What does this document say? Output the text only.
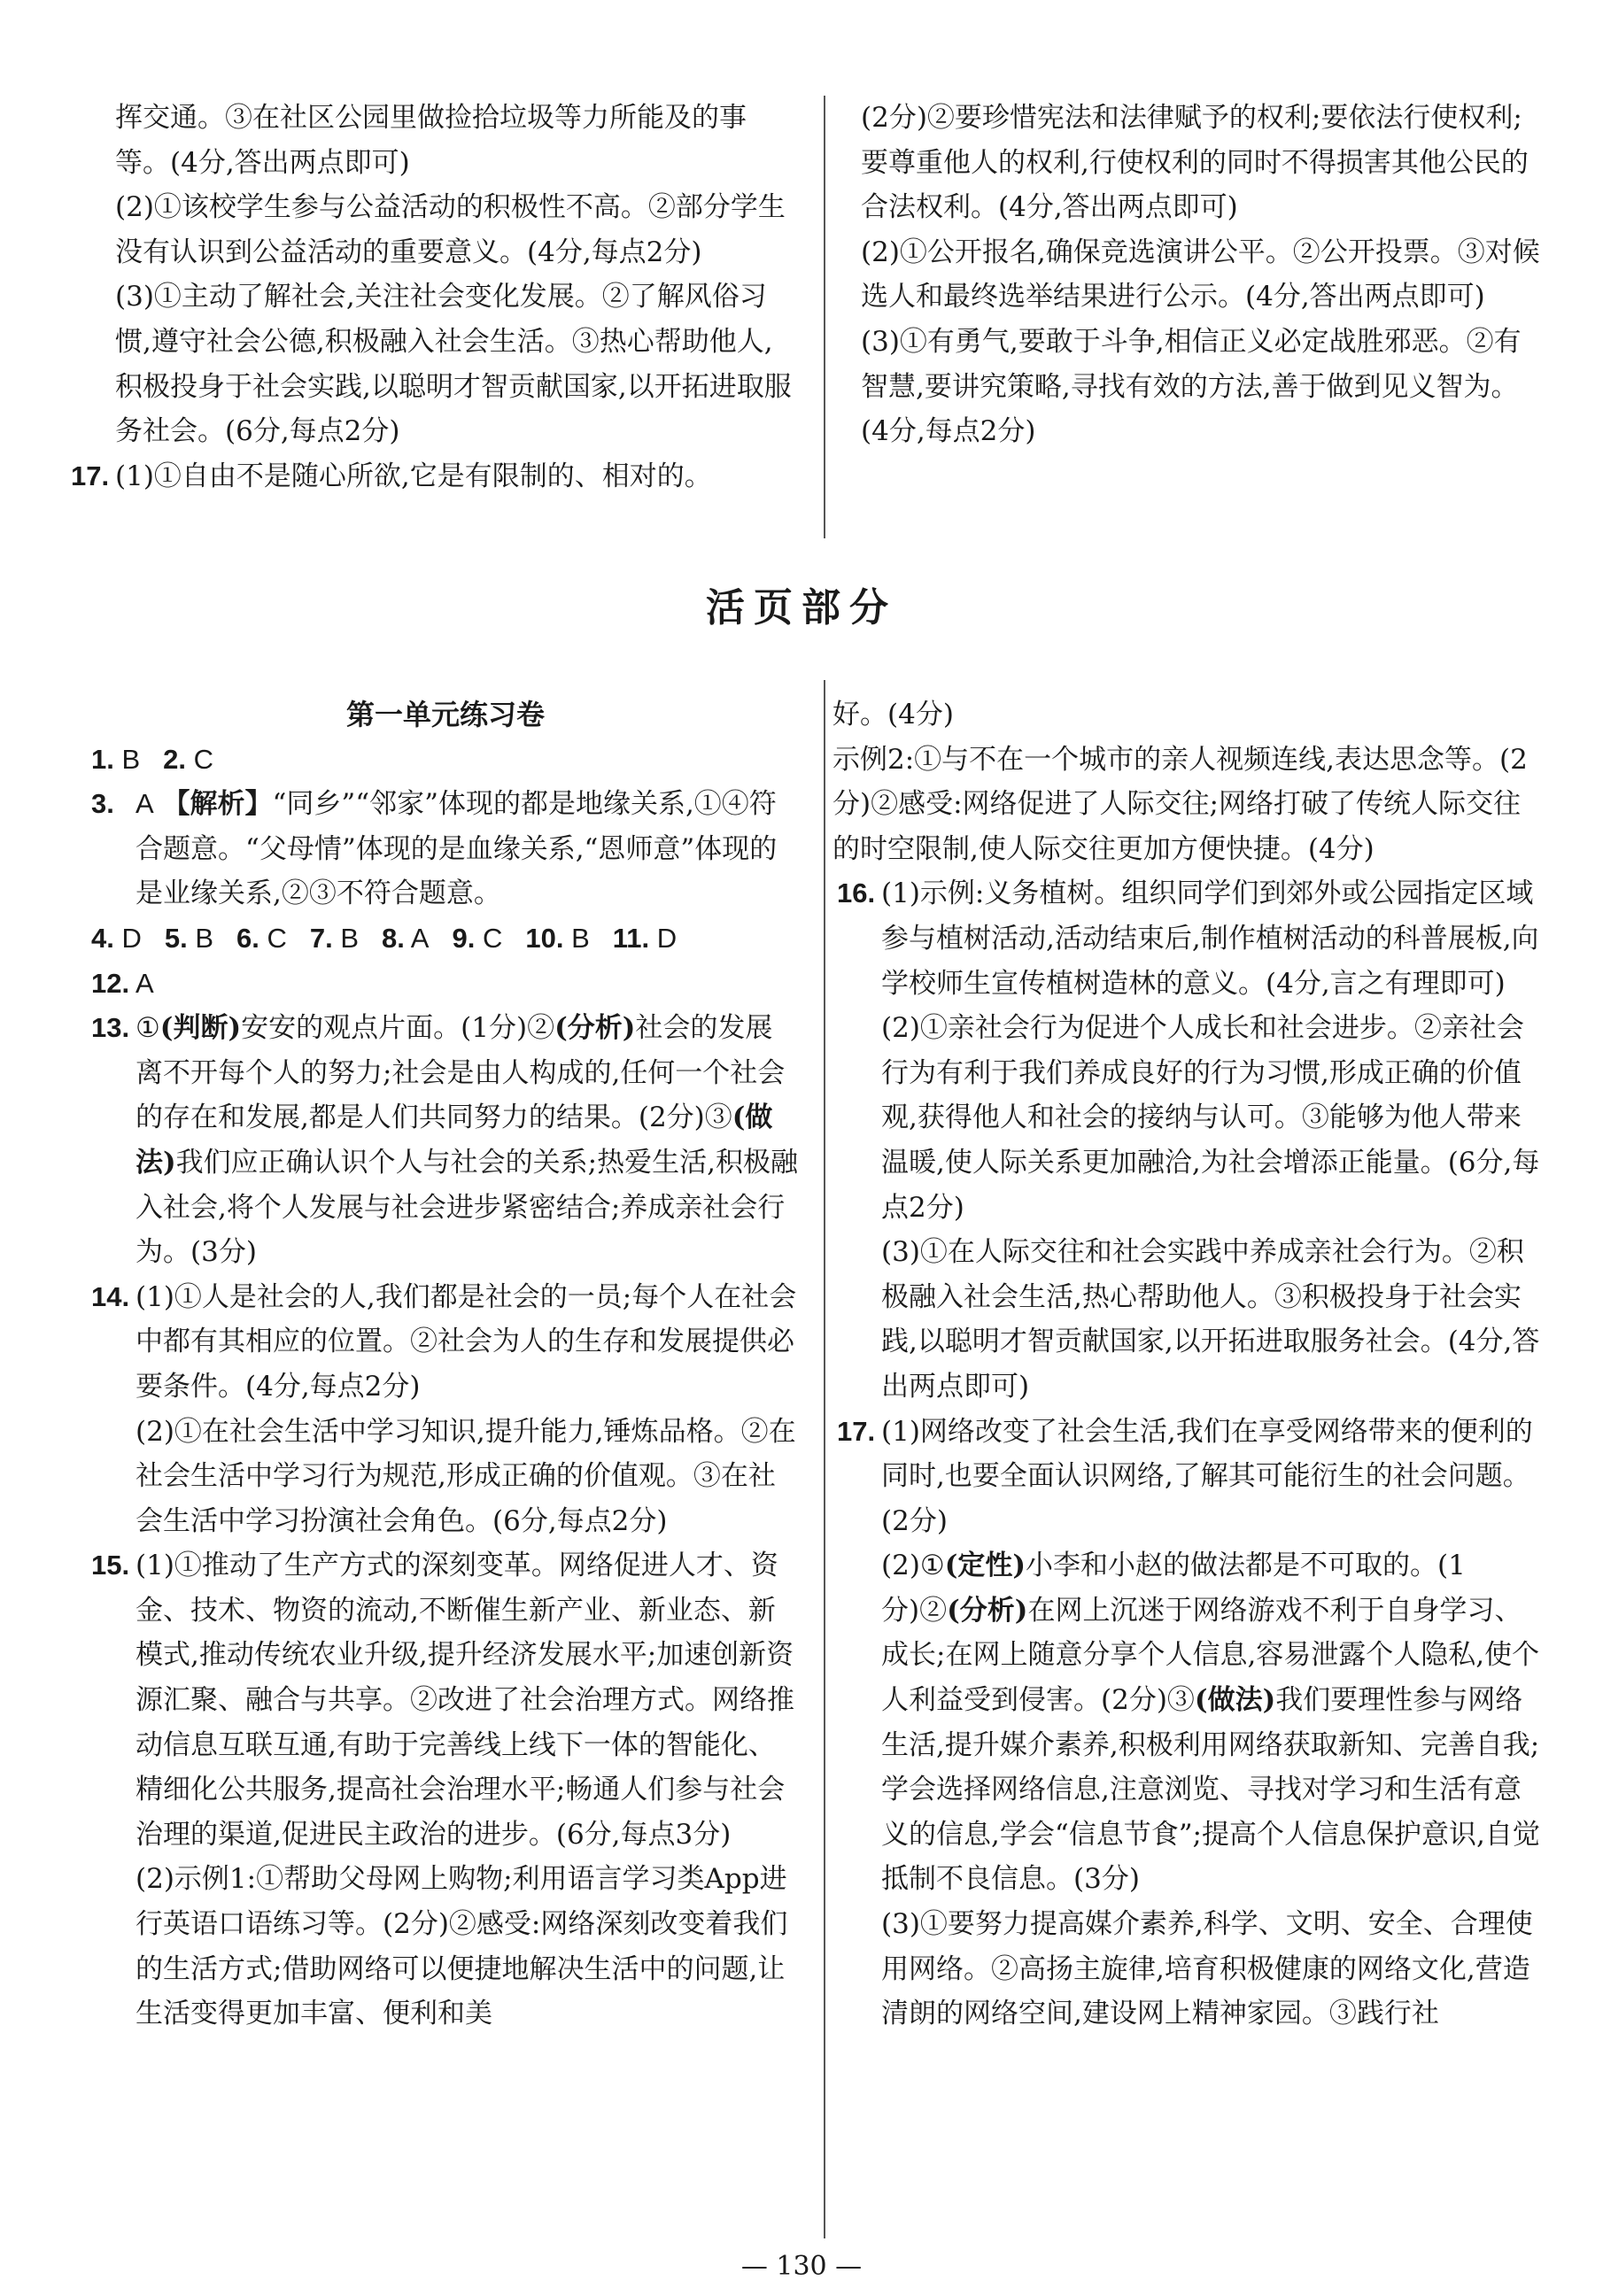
挥交通。③在社区公园里做捡拾垃圾等力所能及的事等。(4分,答出两点即可)

(2)①该校学生参与公益活动的积极性不高。②部分学生没有认识到公益活动的重要意义。(4分,每点2分)

(3)①主动了解社会,关注社会变化发展。②了解风俗习惯,遵守社会公德,积极融入社会生活。③热心帮助他人,积极投身于社会实践,以聪明才智贡献国家,以开拓进取服务社会。(6分,每点2分)

17. (1)①自由不是随心所欲,它是有限制的、相对的。

(2分)②要珍惜宪法和法律赋予的权利;要依法行使权利;要尊重他人的权利,行使权利的同时不得损害其他公民的合法权利。(4分,答出两点即可)

(2)①公开报名,确保竞选演讲公平。②公开投票。③对候选人和最终选举结果进行公示。(4分,答出两点即可)

(3)①有勇气,要敢于斗争,相信正义必定战胜邪恶。②有智慧,要讲究策略,寻找有效的方法,善于做到见义智为。(4分,每点2分)

活页部分

第一单元练习卷

1. B 2. C

3. A 【解析】“同乡”“邻家”体现的都是地缘关系,①④符合题意。“父母情”体现的是血缘关系,“恩师意”体现的是业缘关系,②③不符合题意。

4. D 5. B 6. C 7. B 8. A 9. C 10. B 11. D

12. A

13. ①(判断)安安的观点片面。(1分)②(分析)社会的发展离不开每个人的努力;社会是由人构成的,任何一个社会的存在和发展,都是人们共同努力的结果。(2分)③(做法)我们应正确认识个人与社会的关系;热爱生活,积极融入社会,将个人发展与社会进步紧密结合;养成亲社会行为。(3分)

14. (1)①人是社会的人,我们都是社会的一员;每个人在社会中都有其相应的位置。②社会为人的生存和发展提供必要条件。(4分,每点2分)

(2)①在社会生活中学习知识,提升能力,锤炼品格。②在社会生活中学习行为规范,形成正确的价值观。③在社会生活中学习扮演社会角色。(6分,每点2分)

15. (1)①推动了生产方式的深刻变革。网络促进人才、资金、技术、物资的流动,不断催生新产业、新业态、新模式,推动传统农业升级,提升经济发展水平;加速创新资源汇聚、融合与共享。②改进了社会治理方式。网络推动信息互联互通,有助于完善线上线下一体的智能化、精细化公共服务,提高社会治理水平;畅通人们参与社会治理的渠道,促进民主政治的进步。(6分,每点3分)

(2)示例1:①帮助父母网上购物;利用语言学习类App进行英语口语练习等。(2分)②感受:网络深刻改变着我们的生活方式;借助网络可以便捷地解决生活中的问题,让生活变得更加丰富、便利和美

好。(4分)

示例2:①与不在一个城市的亲人视频连线,表达思念等。(2分)②感受:网络促进了人际交往;网络打破了传统人际交往的时空限制,使人际交往更加方便快捷。(4分)

16. (1)示例:义务植树。组织同学们到郊外或公园指定区域参与植树活动,活动结束后,制作植树活动的科普展板,向学校师生宣传植树造林的意义。(4分,言之有理即可)

(2)①亲社会行为促进个人成长和社会进步。②亲社会行为有利于我们养成良好的行为习惯,形成正确的价值观,获得他人和社会的接纳与认可。③能够为他人带来温暖,使人际关系更加融洽,为社会增添正能量。(6分,每点2分)

(3)①在人际交往和社会实践中养成亲社会行为。②积极融入社会生活,热心帮助他人。③积极投身于社会实践,以聪明才智贡献国家,以开拓进取服务社会。(4分,答出两点即可)

17. (1)网络改变了社会生活,我们在享受网络带来的便利的同时,也要全面认识网络,了解其可能衍生的社会问题。(2分)

(2)①(定性)小李和小赵的做法都是不可取的。(1分)②(分析)在网上沉迷于网络游戏不利于自身学习、成长;在网上随意分享个人信息,容易泄露个人隐私,使个人利益受到侵害。(2分)③(做法)我们要理性参与网络生活,提升媒介素养,积极利用网络获取新知、完善自我;学会选择网络信息,注意浏览、寻找对学习和生活有意义的信息,学会“信息节食”;提高个人信息保护意识,自觉抵制不良信息。(3分)

(3)①要努力提高媒介素养,科学、文明、安全、合理使用网络。②高扬主旋律,培育积极健康的网络文化,营造清朗的网络空间,建设网上精神家园。③践行社

— 130 —
